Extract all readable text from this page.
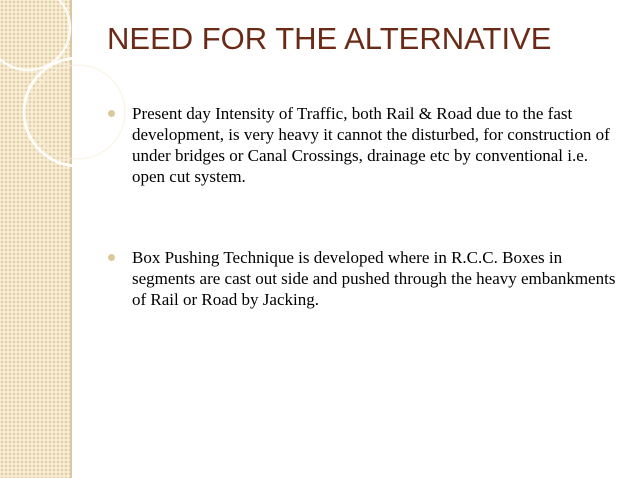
NEED FOR THE ALTERNATIVE
Present day Intensity of Traffic, both Rail & Road due to the fast development, is very heavy it cannot the disturbed, for construction of under bridges or Canal Crossings, drainage etc by conventional i.e. open cut system.
Box Pushing Technique is developed where in R.C.C. Boxes in segments are cast out side and pushed through the heavy embankments of Rail or Road by Jacking.
